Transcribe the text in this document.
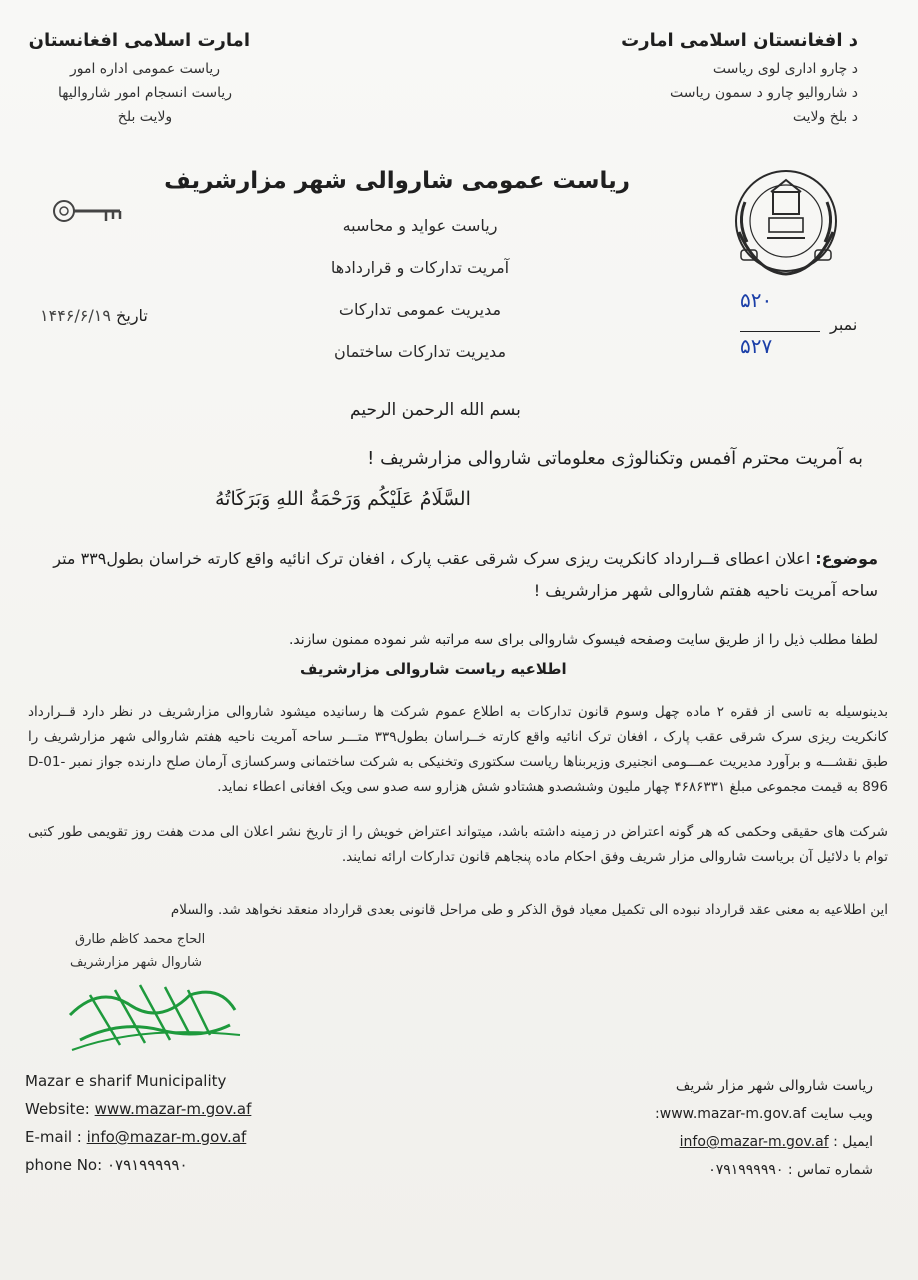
امارت اسلامی افغانستان
ریاست عمومی اداره امور
ریاست انسجام امور شاروالیها
ولایت بلخ
د افغانستان اسلامی امارت
د چارو اداری لوی ریاست
د شاروالیو چارو د سمون ریاست
د بلخ ولایت
ریاست عمومی شاروالی شهر مزارشریف
ریاست عواید و محاسبه
آمریت تدارکات و قراردادها
مدیریت عمومی تدارکات
مدیریت تدارکات ساختمان
تاریخ ۱۴۴۶/۶/۱۹
۵۲۰
۵۲۷
نمبر
بسم الله الرحمن الرحیم
به آمریت محترم آفمس وتکنالوژی معلوماتی شاروالی مزارشریف !
السَّلَامُ عَلَيْكُم وَرَحْمَةُ اللهِ وَبَرَكَاتُهُ
موضوع: اعلان اعطای قــرارداد کانکریت ریزی سرک شرقی عقب پارک ، افغان ترک انائیه واقع کارته خراسان بطول۳۳۹ متر ساحه آمریت ناحیه هفتم شاروالی شهر مزارشریف !
لطفا مطلب ذیل را از طریق سایت وصفحه فیسوک شاروالی برای سه مراتبه شر نموده ممنون سازند.
اطلاعیه ریاست شاروالی مزارشریف
بدینوسیله به تاسی از فقره ۲ ماده چهل وسوم قانون تدارکات به اطلاع عموم شرکت ها رسانیده میشود شاروالی مزارشریف در نظر دارد قــرارداد کانکریت ریزی سرک شرقی عقب پارک ، افغان ترک انائیه واقع کارته خــراسان بطول۳۳۹ متـــر ساحه آمریت ناحیه هفتم شاروالی شهر مزارشریف را طبق نقشـــه و برآورد مدیریت عمـــومی انجنیری وزیربناها ریاست سکتوری وتخنیکی به شرکت ساختمانی وسرکسازی آرمان صلح دارنده جواز نمبر D-01-896 به قیمت مجموعی مبلغ ۴۶۸۶۳۳۱ چهار ملیون وششصدو هشتادو شش هزارو سه صدو سی ویک افغانی اعطاء نماید.
شرکت های حقیقی وحکمی که هر گونه اعتراض در زمینه داشته باشد، میتواند اعتراض خویش را از تاریخ نشر اعلان الی مدت هفت روز تقویمی طور کتبی توام با دلائیل آن بریاست شاروالی مزار شریف وفق احکام ماده پنجاهم قانون تدارکات ارائه نمایند.
این اطلاعیه به معنی عقد قرارداد نبوده الی تکمیل معیاد فوق الذکر و طی مراحل قانونی بعدی قرارداد منعقد نخواهد شد. والسلام
الحاج محمد کاظم طارق
شاروال شهر مزارشریف
Mazar e sharif Municipality
Website: www.mazar-m.gov.af
E-mail : info@mazar-m.gov.af
phone No: ۰۷۹۱۹۹۹۹۹۰
ریاست شاروالی شهر مزار شریف
ویب سایت www.mazar-m.gov.af:
ایمیل : info@mazar-m.gov.af
شماره تماس : ۰۷۹۱۹۹۹۹۹۰
